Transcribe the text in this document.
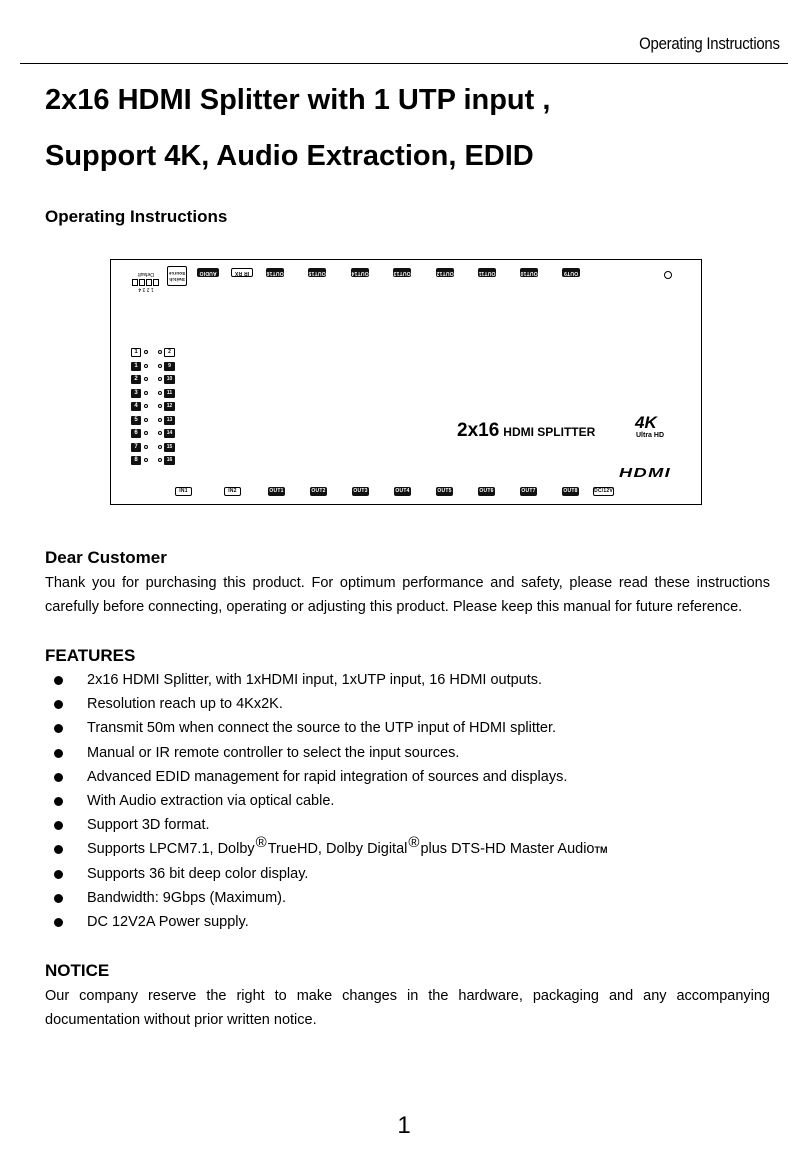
Operating Instructions
2x16 HDMI Splitter with 1 UTP input ,
Support 4K, Audio Extraction, EDID
Operating Instructions
1 2 3 4
Default
Switch Source	AUDIO	IR RX	OUT16	OUT15	OUT14	OUT13	OUT12	OUT11	OUT10	OUT9
1	2
1	9
2	10
3	11
4	12
5	13
6	14
7	15
8	16
2x16 HDMI SPLITTER 4K
Ultra HD
HDMI
IN1	IN2	OUT1	OUT2	OUT3	OUT4	OUT5	OUT6	OUT7	OUT8	DC/12V
Dear Customer
Thank you for purchasing this product. For optimum performance and safety, please read these instructions carefully before connecting, operating or adjusting this product. Please keep this manual for future reference.
FEATURES
2x16 HDMI Splitter, with 1xHDMI input, 1xUTP input, 16 HDMI outputs.
Resolution reach up to 4Kx2K.
Transmit 50m when connect the source to the UTP input of HDMI splitter.
Manual or IR remote controller to select the input sources.
Advanced EDID management for rapid integration of sources and displays.
With Audio extraction via optical cable.
Support 3D format.
Supports LPCM7.1, Dolby®TrueHD, Dolby Digital®plus DTS-HD Master AudioTM
Supports 36 bit deep color display.
Bandwidth: 9Gbps (Maximum).
DC 12V2A Power supply.
NOTICE
Our company reserve the right to make changes in the hardware, packaging and any accompanying documentation without prior written notice.
1
